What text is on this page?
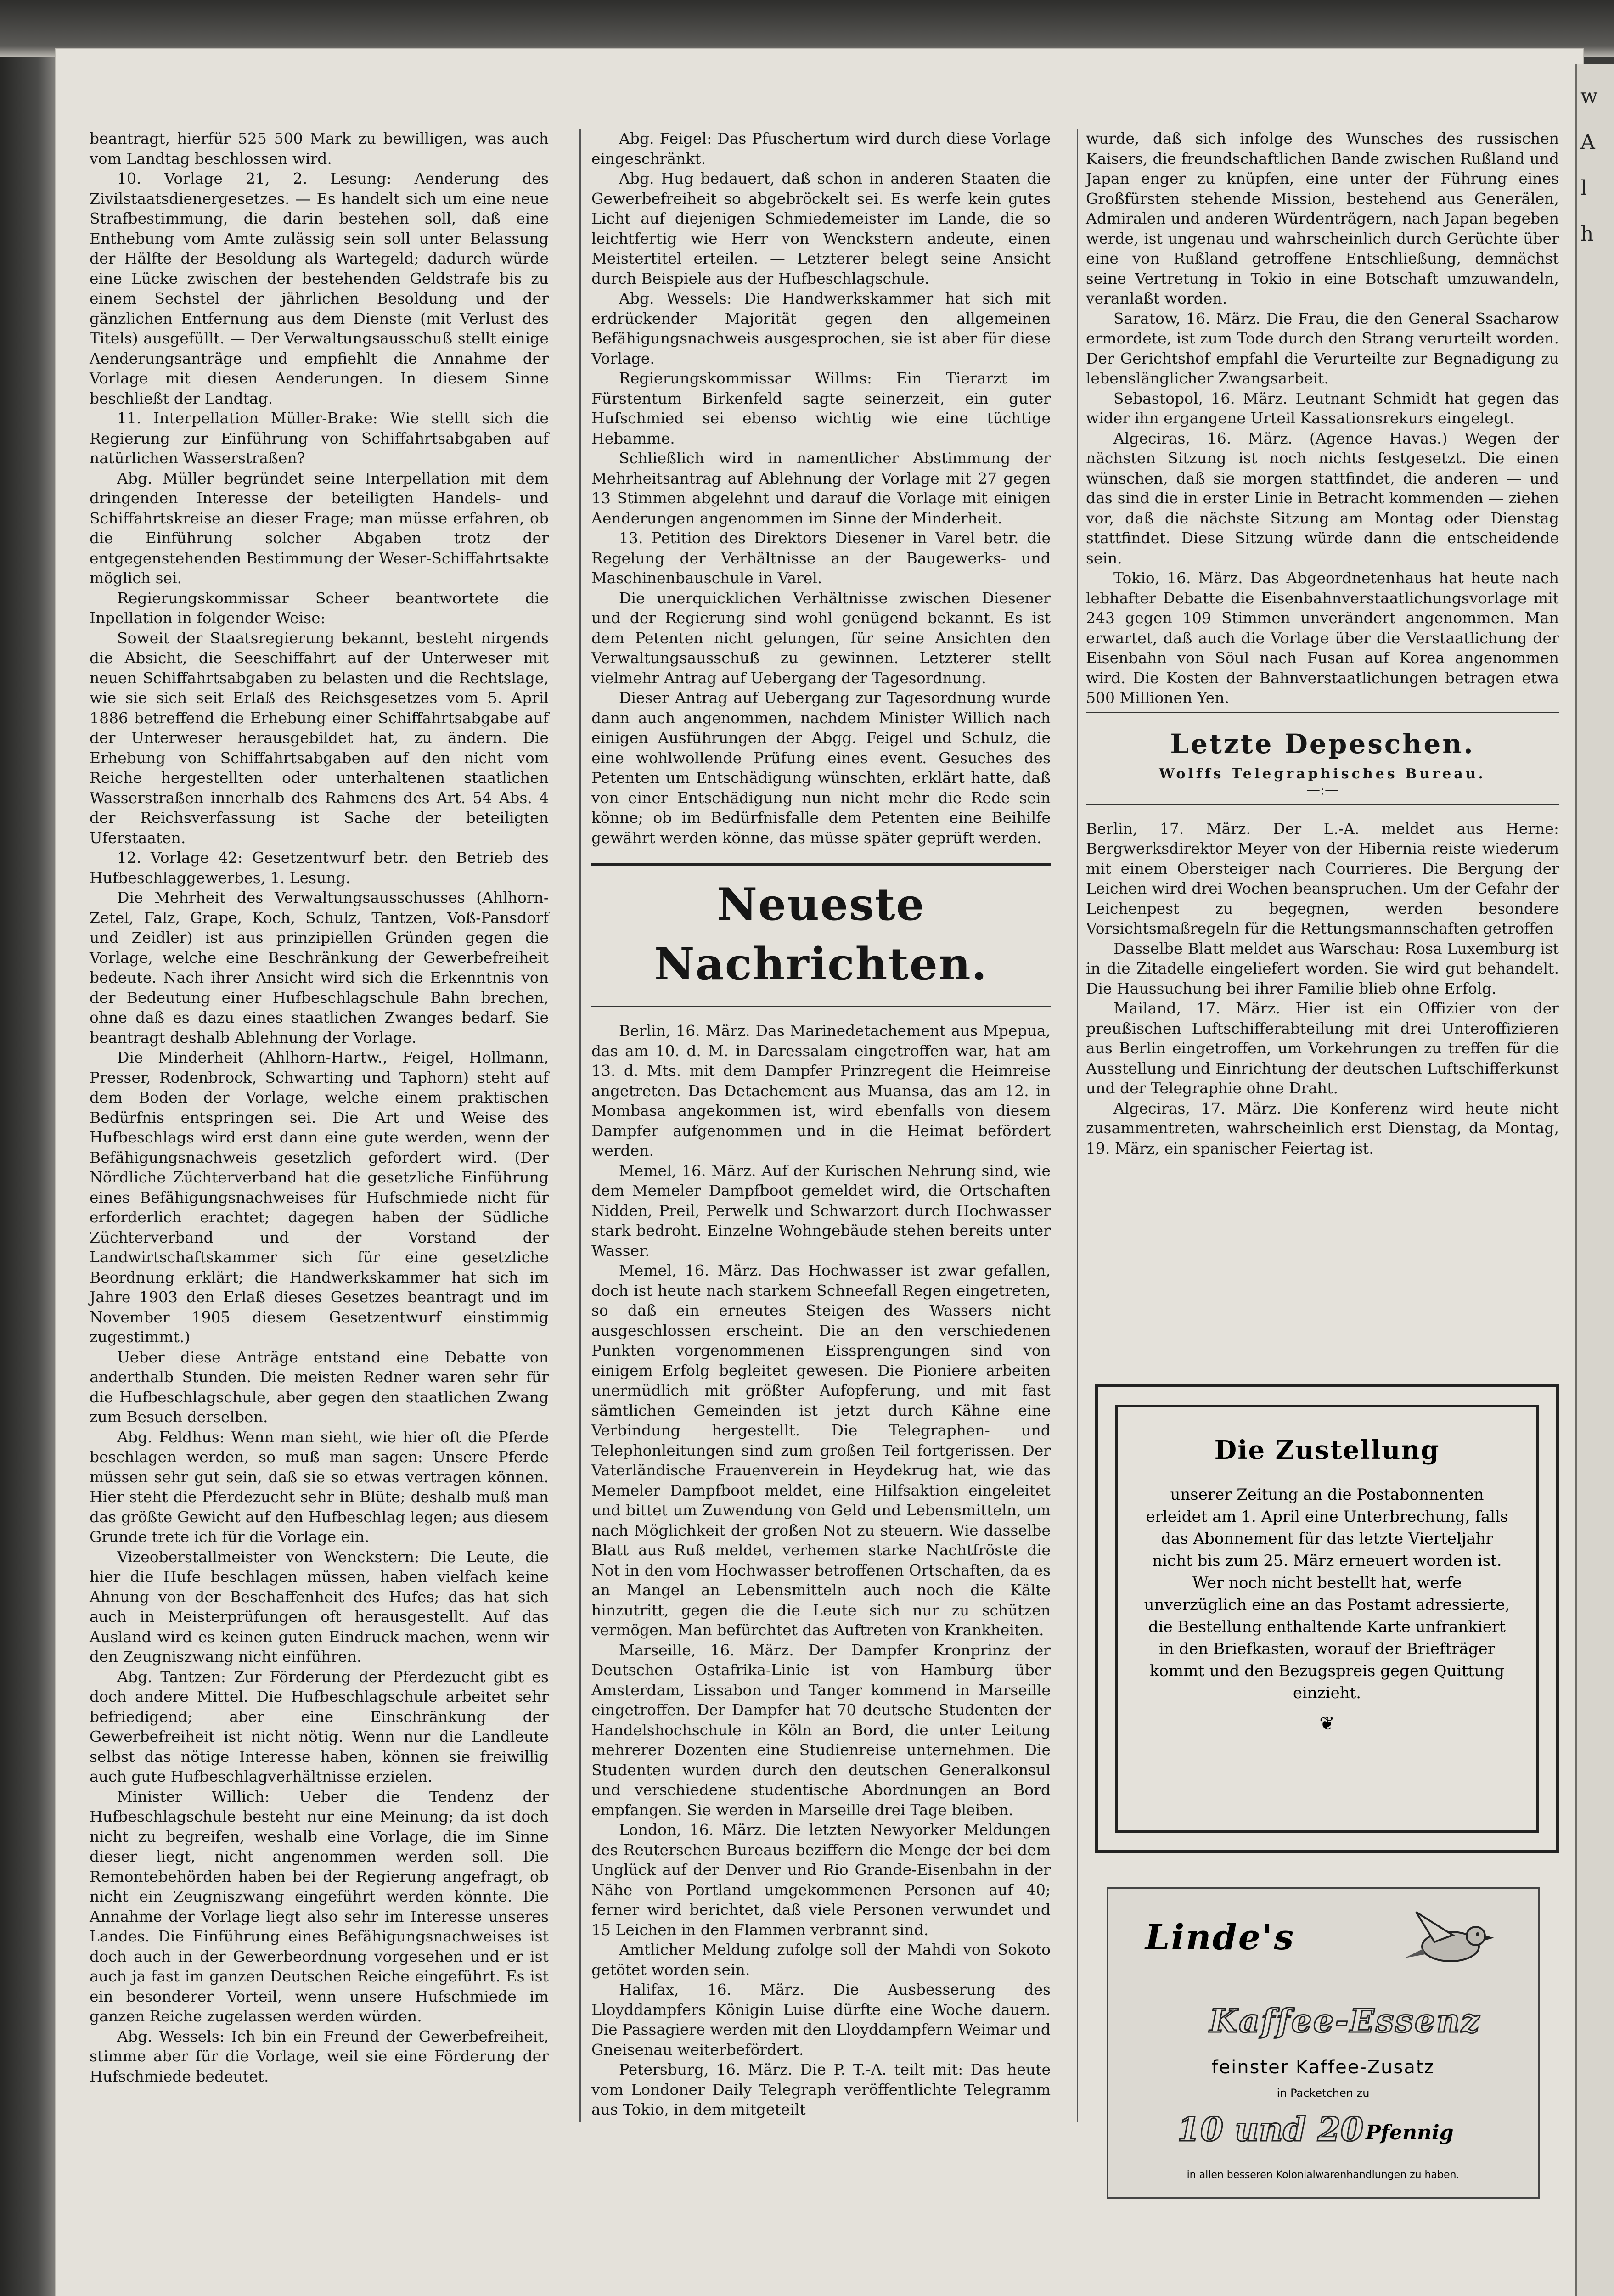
w
A
l
h

beantragt, hierfür 525 500 Mark zu bewilligen, was auch vom Landtag beschlossen wird.

10. Vorlage 21, 2. Lesung: Aenderung des Zivilstaatsdienergesetzes. — Es handelt sich um eine neue Strafbestimmung, die darin bestehen soll, daß eine Enthebung vom Amte zulässig sein soll unter Belassung der Hälfte der Besoldung als Wartegeld; dadurch würde eine Lücke zwischen der bestehenden Geldstrafe bis zu einem Sechstel der jährlichen Besoldung und der gänzlichen Entfernung aus dem Dienste (mit Verlust des Titels) ausgefüllt. — Der Verwaltungsausschuß stellt einige Aenderungsanträge und empfiehlt die Annahme der Vorlage mit diesen Aenderungen. In diesem Sinne beschließt der Landtag.

11. Interpellation Müller-Brake: Wie stellt sich die Regierung zur Einführung von Schiffahrtsabgaben auf natürlichen Wasserstraßen?

Abg. Müller begründet seine Interpellation mit dem dringenden Interesse der beteiligten Handels- und Schiffahrtskreise an dieser Frage; man müsse erfahren, ob die Einführung solcher Abgaben trotz der entgegenstehenden Bestimmung der Weser-Schiffahrtsakte möglich sei.

Regierungskommissar Scheer beantwortete die Inpellation in folgender Weise:

Soweit der Staatsregierung bekannt, besteht nirgends die Absicht, die Seeschiffahrt auf der Unterweser mit neuen Schiffahrtsabgaben zu belasten und die Rechtslage, wie sie sich seit Erlaß des Reichsgesetzes vom 5. April 1886 betreffend die Erhebung einer Schiffahrtsabgabe auf der Unterweser herausgebildet hat, zu ändern. Die Erhebung von Schiffahrtsabgaben auf den nicht vom Reiche hergestellten oder unterhaltenen staatlichen Wasserstraßen innerhalb des Rahmens des Art. 54 Abs. 4 der Reichsverfassung ist Sache der beteiligten Uferstaaten.

12. Vorlage 42: Gesetzentwurf betr. den Betrieb des Hufbeschlaggewerbes, 1. Lesung.

Die Mehrheit des Verwaltungsausschusses (Ahlhorn-Zetel, Falz, Grape, Koch, Schulz, Tantzen, Voß-Pansdorf und Zeidler) ist aus prinzipiellen Gründen gegen die Vorlage, welche eine Beschränkung der Gewerbefreiheit bedeute. Nach ihrer Ansicht wird sich die Erkenntnis von der Bedeutung einer Hufbeschlagschule Bahn brechen, ohne daß es dazu eines staatlichen Zwanges bedarf. Sie beantragt deshalb Ablehnung der Vorlage.

Die Minderheit (Ahlhorn-Hartw., Feigel, Hollmann, Presser, Rodenbrock, Schwarting und Taphorn) steht auf dem Boden der Vorlage, welche einem praktischen Bedürfnis entspringen sei. Die Art und Weise des Hufbeschlags wird erst dann eine gute werden, wenn der Befähigungsnachweis gesetzlich gefordert wird. (Der Nördliche Züchterverband hat die gesetzliche Einführung eines Befähigungsnachweises für Hufschmiede nicht für erforderlich erachtet; dagegen haben der Südliche Züchterverband und der Vorstand der Landwirtschaftskammer sich für eine gesetzliche Beordnung erklärt; die Handwerkskammer hat sich im Jahre 1903 den Erlaß dieses Gesetzes beantragt und im November 1905 diesem Gesetzentwurf einstimmig zugestimmt.)

Ueber diese Anträge entstand eine Debatte von anderthalb Stunden. Die meisten Redner waren sehr für die Hufbeschlagschule, aber gegen den staatlichen Zwang zum Besuch derselben.

Abg. Feldhus: Wenn man sieht, wie hier oft die Pferde beschlagen werden, so muß man sagen: Unsere Pferde müssen sehr gut sein, daß sie so etwas vertragen können. Hier steht die Pferdezucht sehr in Blüte; deshalb muß man das größte Gewicht auf den Hufbeschlag legen; aus diesem Grunde trete ich für die Vorlage ein.

Vizeoberstallmeister von Wenckstern: Die Leute, die hier die Hufe beschlagen müssen, haben vielfach keine Ahnung von der Beschaffenheit des Hufes; das hat sich auch in Meisterprüfungen oft herausgestellt. Auf das Ausland wird es keinen guten Eindruck machen, wenn wir den Zeugniszwang nicht einführen.

Abg. Tantzen: Zur Förderung der Pferdezucht gibt es doch andere Mittel. Die Hufbeschlagschule arbeitet sehr befriedigend; aber eine Einschränkung der Gewerbefreiheit ist nicht nötig. Wenn nur die Landleute selbst das nötige Interesse haben, können sie freiwillig auch gute Hufbeschlagverhältnisse erzielen.

Minister Willich: Ueber die Tendenz der Hufbeschlagschule besteht nur eine Meinung; da ist doch nicht zu begreifen, weshalb eine Vorlage, die im Sinne dieser liegt, nicht angenommen werden soll. Die Remontebehörden haben bei der Regierung angefragt, ob nicht ein Zeugniszwang eingeführt werden könnte. Die Annahme der Vorlage liegt also sehr im Interesse unseres Landes. Die Einführung eines Befähigungsnachweises ist doch auch in der Gewerbeordnung vorgesehen und er ist auch ja fast im ganzen Deutschen Reiche eingeführt. Es ist ein besonderer Vorteil, wenn unsere Hufschmiede im ganzen Reiche zugelassen werden würden.

Abg. Wessels: Ich bin ein Freund der Gewerbefreiheit, stimme aber für die Vorlage, weil sie eine Förderung der Hufschmiede bedeutet.

Abg. Feigel: Das Pfuschertum wird durch diese Vorlage eingeschränkt.

Abg. Hug bedauert, daß schon in anderen Staaten die Gewerbefreiheit so abgebröckelt sei. Es werfe kein gutes Licht auf diejenigen Schmiedemeister im Lande, die so leichtfertig wie Herr von Wenckstern andeute, einen Meistertitel erteilen. — Letzterer belegt seine Ansicht durch Beispiele aus der Hufbeschlagschule.

Abg. Wessels: Die Handwerkskammer hat sich mit erdrückender Majorität gegen den allgemeinen Befähigungsnachweis ausgesprochen, sie ist aber für diese Vorlage.

Regierungskommissar Willms: Ein Tierarzt im Fürstentum Birkenfeld sagte seinerzeit, ein guter Hufschmied sei ebenso wichtig wie eine tüchtige Hebamme.

Schließlich wird in namentlicher Abstimmung der Mehrheitsantrag auf Ablehnung der Vorlage mit 27 gegen 13 Stimmen abgelehnt und darauf die Vorlage mit einigen Aenderungen angenommen im Sinne der Minderheit.

13. Petition des Direktors Diesener in Varel betr. die Regelung der Verhältnisse an der Baugewerks- und Maschinenbauschule in Varel.

Die unerquicklichen Verhältnisse zwischen Diesener und der Regierung sind wohl genügend bekannt. Es ist dem Petenten nicht gelungen, für seine Ansichten den Verwaltungsausschuß zu gewinnen. Letzterer stellt vielmehr Antrag auf Uebergang der Tagesordnung.

Dieser Antrag auf Uebergang zur Tagesordnung wurde dann auch angenommen, nachdem Minister Willich nach einigen Ausführungen der Abgg. Feigel und Schulz, die eine wohlwollende Prüfung eines event. Gesuches des Petenten um Entschädigung wünschten, erklärt hatte, daß von einer Entschädigung nun nicht mehr die Rede sein könne; ob im Bedürfnisfalle dem Petenten eine Beihilfe gewährt werden könne, das müsse später geprüft werden.

Neueste Nachrichten.

Berlin, 16. März. Das Marinedetachement aus Mpepua, das am 10. d. M. in Daressalam eingetroffen war, hat am 13. d. Mts. mit dem Dampfer Prinzregent die Heimreise angetreten. Das Detachement aus Muansa, das am 12. in Mombasa angekommen ist, wird ebenfalls von diesem Dampfer aufgenommen und in die Heimat befördert werden.

Memel, 16. März. Auf der Kurischen Nehrung sind, wie dem Memeler Dampfboot gemeldet wird, die Ortschaften Nidden, Preil, Perwelk und Schwarzort durch Hochwasser stark bedroht. Einzelne Wohngebäude stehen bereits unter Wasser.

Memel, 16. März. Das Hochwasser ist zwar gefallen, doch ist heute nach starkem Schneefall Regen eingetreten, so daß ein erneutes Steigen des Wassers nicht ausgeschlossen erscheint. Die an den verschiedenen Punkten vorgenommenen Eissprengungen sind von einigem Erfolg begleitet gewesen. Die Pioniere arbeiten unermüdlich mit größter Aufopferung, und mit fast sämtlichen Gemeinden ist jetzt durch Kähne eine Verbindung hergestellt. Die Telegraphen- und Telephonleitungen sind zum großen Teil fortgerissen. Der Vaterländische Frauenverein in Heydekrug hat, wie das Memeler Dampfboot meldet, eine Hilfsaktion eingeleitet und bittet um Zuwendung von Geld und Lebensmitteln, um nach Möglichkeit der großen Not zu steuern. Wie dasselbe Blatt aus Ruß meldet, verhemen starke Nachtfröste die Not in den vom Hochwasser betroffenen Ortschaften, da es an Mangel an Lebensmitteln auch noch die Kälte hinzutritt, gegen die die Leute sich nur zu schützen vermögen. Man befürchtet das Auftreten von Krankheiten.

Marseille, 16. März. Der Dampfer Kronprinz der Deutschen Ostafrika-Linie ist von Hamburg über Amsterdam, Lissabon und Tanger kommend in Marseille eingetroffen. Der Dampfer hat 70 deutsche Studenten der Handelshochschule in Köln an Bord, die unter Leitung mehrerer Dozenten eine Studienreise unternehmen. Die Studenten wurden durch den deutschen Generalkonsul und verschiedene studentische Abordnungen an Bord empfangen. Sie werden in Marseille drei Tage bleiben.

London, 16. März. Die letzten Newyorker Meldungen des Reuterschen Bureaus beziffern die Menge der bei dem Unglück auf der Denver und Rio Grande-Eisenbahn in der Nähe von Portland umgekommenen Personen auf 40; ferner wird berichtet, daß viele Personen verwundet und 15 Leichen in den Flammen verbrannt sind.

Amtlicher Meldung zufolge soll der Mahdi von Sokoto getötet worden sein.

Halifax, 16. März. Die Ausbesserung des Lloyddampfers Königin Luise dürfte eine Woche dauern. Die Passagiere werden mit den Lloyddampfern Weimar und Gneisenau weiterbefördert.

Petersburg, 16. März. Die P. T.-A. teilt mit: Das heute vom Londoner Daily Telegraph veröffentlichte Telegramm aus Tokio, in dem mitgeteilt

wurde, daß sich infolge des Wunsches des russischen Kaisers, die freundschaftlichen Bande zwischen Rußland und Japan enger zu knüpfen, eine unter der Führung eines Großfürsten stehende Mission, bestehend aus Generälen, Admiralen und anderen Würdenträgern, nach Japan begeben werde, ist ungenau und wahrscheinlich durch Gerüchte über eine von Rußland getroffene Entschließung, demnächst seine Vertretung in Tokio in eine Botschaft umzuwandeln, veranlaßt worden.

Saratow, 16. März. Die Frau, die den General Ssacharow ermordete, ist zum Tode durch den Strang verurteilt worden. Der Gerichtshof empfahl die Verurteilte zur Begnadigung zu lebenslänglicher Zwangsarbeit.

Sebastopol, 16. März. Leutnant Schmidt hat gegen das wider ihn ergangene Urteil Kassationsrekurs eingelegt.

Algeciras, 16. März. (Agence Havas.) Wegen der nächsten Sitzung ist noch nichts festgesetzt. Die einen wünschen, daß sie morgen stattfindet, die anderen — und das sind die in erster Linie in Betracht kommenden — ziehen vor, daß die nächste Sitzung am Montag oder Dienstag stattfindet. Diese Sitzung würde dann die entscheidende sein.

Tokio, 16. März. Das Abgeordnetenhaus hat heute nach lebhafter Debatte die Eisenbahnverstaatlichungsvorlage mit 243 gegen 109 Stimmen unverändert angenommen. Man erwartet, daß auch die Vorlage über die Verstaatlichung der Eisenbahn von Söul nach Fusan auf Korea angenommen wird. Die Kosten der Bahnverstaatlichungen betragen etwa 500 Millionen Yen.

Letzte Depeschen.
Wolffs Telegraphisches Bureau.
—:—

Berlin, 17. März. Der L.-A. meldet aus Herne: Bergwerksdirektor Meyer von der Hibernia reiste wiederum mit einem Obersteiger nach Courrieres. Die Bergung der Leichen wird drei Wochen beanspruchen. Um der Gefahr der Leichenpest zu begegnen, werden besondere Vorsichtsmaßregeln für die Rettungsmannschaften getroffen

Dasselbe Blatt meldet aus Warschau: Rosa Luxemburg ist in die Zitadelle eingeliefert worden. Sie wird gut behandelt. Die Haussuchung bei ihrer Familie blieb ohne Erfolg.

Mailand, 17. März. Hier ist ein Offizier von der preußischen Luftschifferabteilung mit drei Unteroffizieren aus Berlin eingetroffen, um Vorkehrungen zu treffen für die Ausstellung und Einrichtung der deutschen Luftschifferkunst und der Telegraphie ohne Draht.

Algeciras, 17. März. Die Konferenz wird heute nicht zusammentreten, wahrscheinlich erst Dienstag, da Montag, 19. März, ein spanischer Feiertag ist.

Die Zustellung
unserer Zeitung an die Postabonnenten erleidet am 1. April eine Unterbrechung, falls das Abonnement für das letzte Vierteljahr nicht bis zum 25. März erneuert worden ist. Wer noch nicht bestellt hat, werfe unverzüglich eine an das Postamt adressierte, die Bestellung enthaltende Karte unfrankiert in den Briefkasten, worauf der Briefträger kommt und den Bezugspreis gegen Quittung einzieht.
❦
Linde's
Kaffee-Essenz
feinster Kaffee-Zusatz
in Packetchen zu
10 und 20 Pfennig
in allen besseren Kolonialwarenhandlungen zu haben.
